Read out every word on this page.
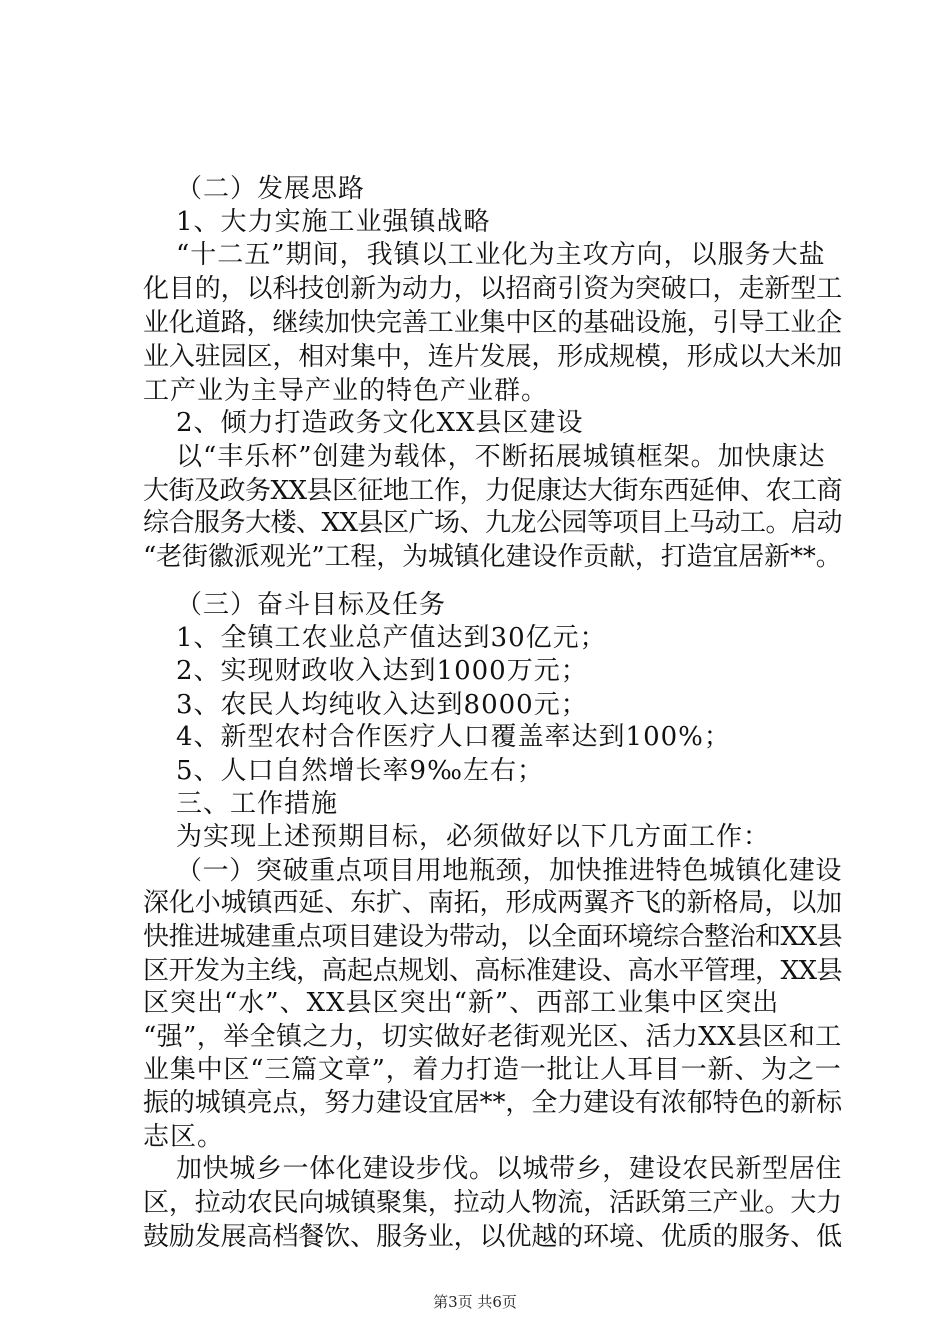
（二）发展思路
1、大力实施工业强镇战略
“十二五”期间，我镇以工业化为主攻方向，以服务大盐
化目的，以科技创新为动力，以招商引资为突破口，走新型工
业化道路，继续加快完善工业集中区的基础设施，引导工业企
业入驻园区，相对集中，连片发展，形成规模，形成以大米加
工产业为主导产业的特色产业群。
2、倾力打造政务文化XX县区建设
以“丰乐杯”创建为载体，不断拓展城镇框架。加快康达
大街及政务XX县区征地工作，力促康达大街东西延伸、农工商
综合服务大楼、XX县区广场、九龙公园等项目上马动工。启动
“老街徽派观光”工程，为城镇化建设作贡献，打造宜居新**。
（三）奋斗目标及任务
1、全镇工农业总产值达到30亿元；
2、实现财政收入达到1000万元；
3、农民人均纯收入达到8000元；
4、新型农村合作医疗人口覆盖率达到100%；
5、人口自然增长率9‰左右；
三、工作措施
为实现上述预期目标，必须做好以下几方面工作：
（一）突破重点项目用地瓶颈，加快推进特色城镇化建设
深化小城镇西延、东扩、南拓，形成两翼齐飞的新格局，以加
快推进城建重点项目建设为带动，以全面环境综合整治和XX县
区开发为主线，高起点规划、高标准建设、高水平管理，XX县
区突出“水”、XX县区突出“新”、西部工业集中区突出
“强”，举全镇之力，切实做好老街观光区、活力XX县区和工
业集中区“三篇文章”，着力打造一批让人耳目一新、为之一
振的城镇亮点，努力建设宜居**，全力建设有浓郁特色的新标
志区。
加快城乡一体化建设步伐。以城带乡，建设农民新型居住
区，拉动农民向城镇聚集，拉动人物流，活跃第三产业。大力
鼓励发展高档餐饮、服务业，以优越的环境、优质的服务、低
第3页 共6页
